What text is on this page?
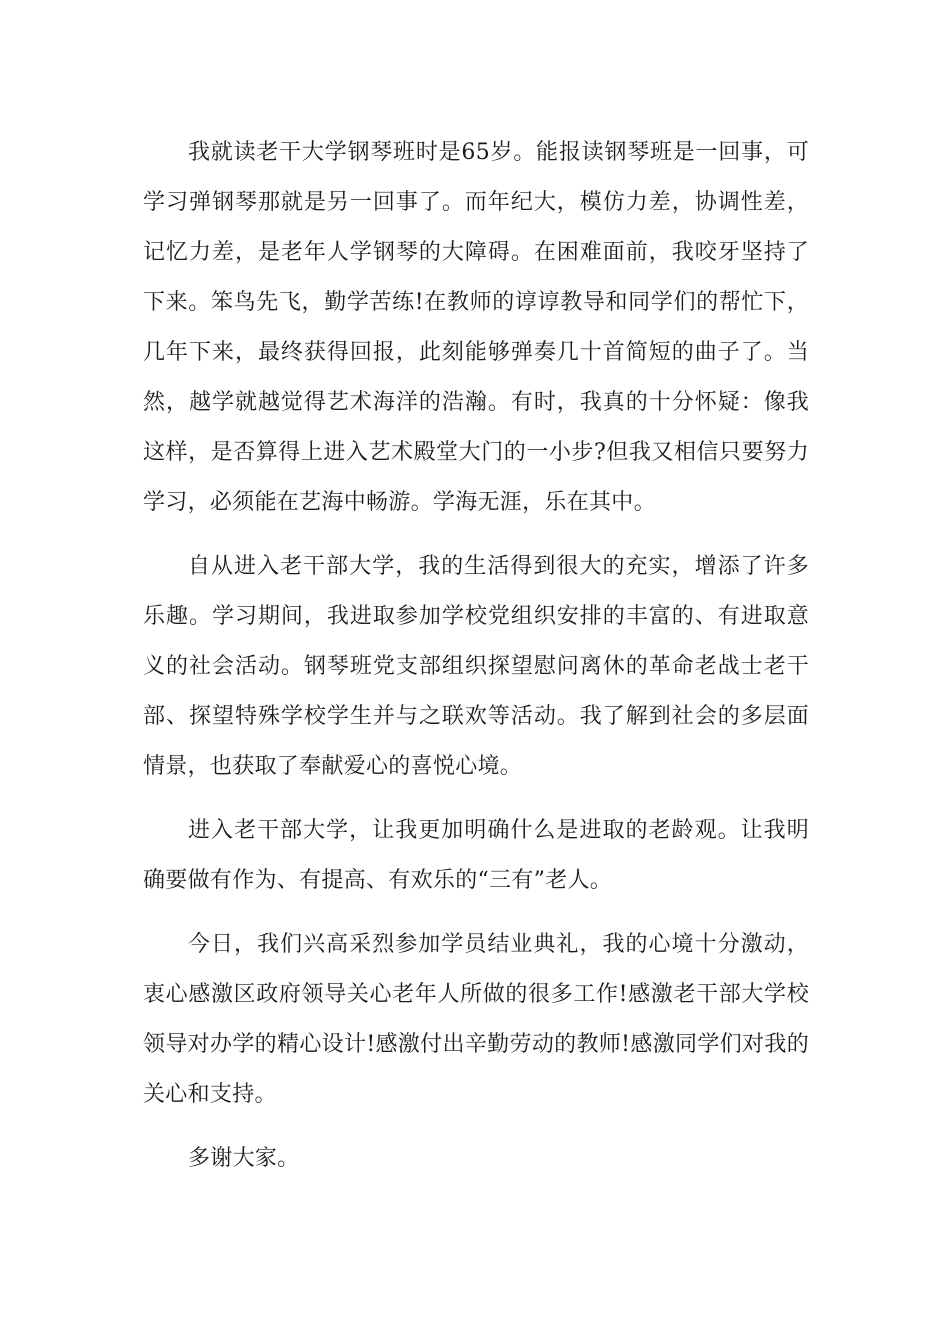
我就读老干大学钢琴班时是65岁。能报读钢琴班是一回事，可学习弹钢琴那就是另一回事了。而年纪大，模仿力差，协调性差，记忆力差，是老年人学钢琴的大障碍。在困难面前，我咬牙坚持了下来。笨鸟先飞，勤学苦练!在教师的谆谆教导和同学们的帮忙下，几年下来，最终获得回报，此刻能够弹奏几十首简短的曲子了。当然，越学就越觉得艺术海洋的浩瀚。有时，我真的十分怀疑：像我这样，是否算得上进入艺术殿堂大门的一小步?但我又相信只要努力学习，必须能在艺海中畅游。学海无涯，乐在其中。

自从进入老干部大学，我的生活得到很大的充实，增添了许多乐趣。学习期间，我进取参加学校党组织安排的丰富的、有进取意义的社会活动。钢琴班党支部组织探望慰问离休的革命老战士老干部、探望特殊学校学生并与之联欢等活动。我了解到社会的多层面情景，也获取了奉献爱心的喜悦心境。

进入老干部大学，让我更加明确什么是进取的老龄观。让我明确要做有作为、有提高、有欢乐的“三有”老人。

今日，我们兴高采烈参加学员结业典礼，我的心境十分激动，衷心感激区政府领导关心老年人所做的很多工作!感激老干部大学校领导对办学的精心设计!感激付出辛勤劳动的教师!感激同学们对我的关心和支持。

多谢大家。
